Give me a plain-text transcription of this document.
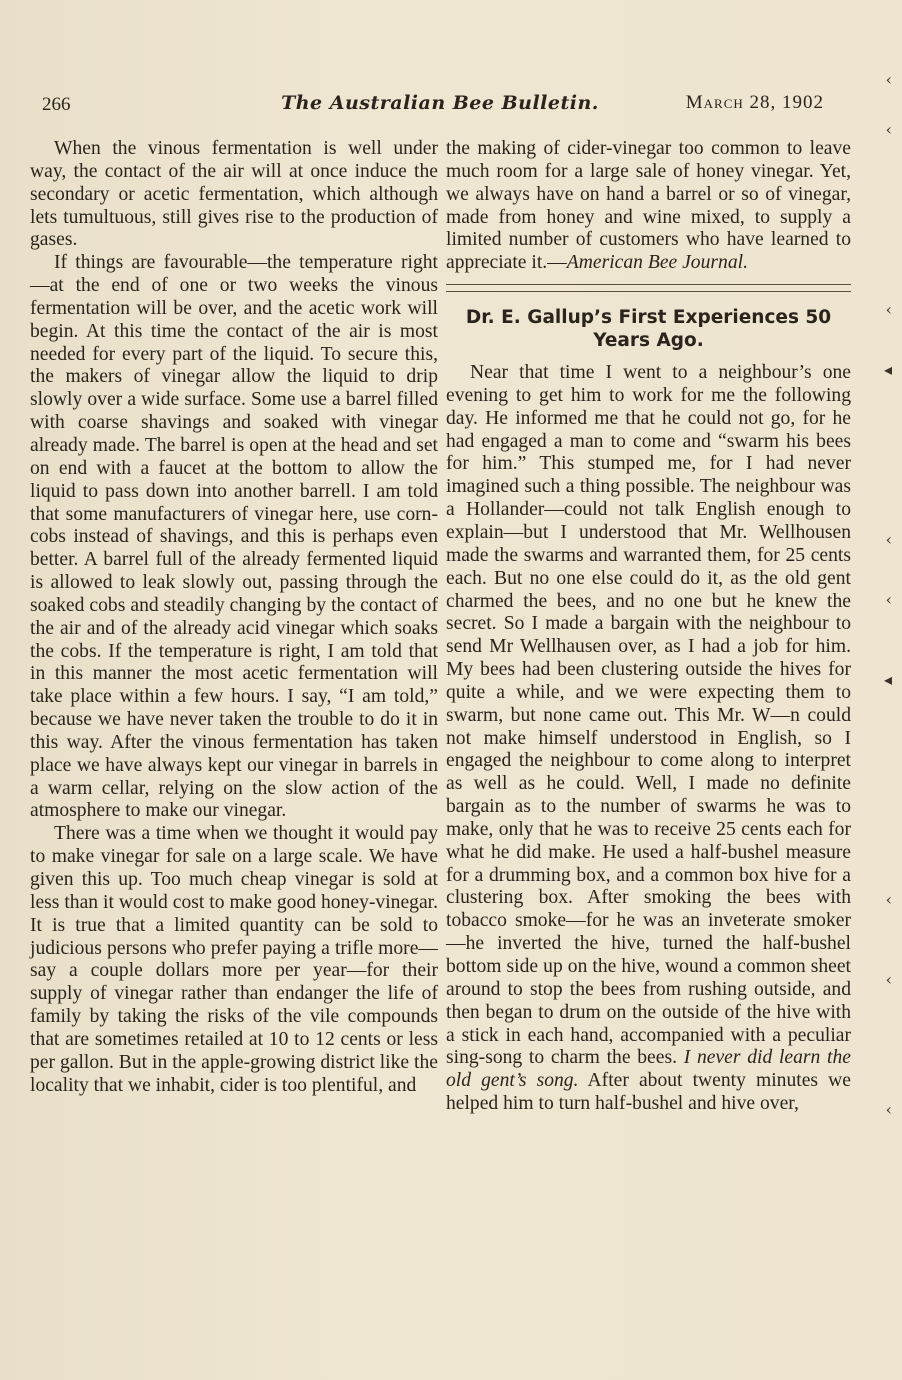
266	The Australian Bee Bulletin.	March 28, 1902

When the vinous fermentation is well under way, the contact of the air will at once induce the secondary or acetic fermentation, which although lets tumultuous, still gives rise to the production of gases.

If things are favourable—the temperature right—at the end of one or two weeks the vinous fermentation will be over, and the acetic work will begin. At this time the contact of the air is most needed for every part of the liquid. To secure this, the makers of vinegar allow the liquid to drip slowly over a wide surface. Some use a barrel filled with coarse shavings and soaked with vinegar already made. The barrel is open at the head and set on end with a faucet at the bottom to allow the liquid to pass down into another barrell. I am told that some manufacturers of vinegar here, use corn-cobs instead of shavings, and this is perhaps even better. A barrel full of the already fermented liquid is allowed to leak slowly out, passing through the soaked cobs and steadily changing by the contact of the air and of the already acid vinegar which soaks the cobs. If the temperature is right, I am told that in this manner the most acetic fermentation will take place within a few hours. I say, “I am told,” because we have never taken the trouble to do it in this way. After the vinous fermentation has taken place we have always kept our vinegar in barrels in a warm cellar, relying on the slow action of the atmosphere to make our vinegar.

There was a time when we thought it would pay to make vinegar for sale on a large scale. We have given this up. Too much cheap vinegar is sold at less than it would cost to make good honey-vinegar. It is true that a limited quantity can be sold to judicious persons who prefer paying a trifle more—say a couple dollars more per year—for their supply of vinegar rather than endanger the life of family by taking the risks of the vile compounds that are sometimes retailed at 10 to 12 cents or less per gallon. But in the apple-growing district like the locality that we inhabit, cider is too plentiful, and

the making of cider-vinegar too common to leave much room for a large sale of honey vinegar. Yet, we always have on hand a barrel or so of vinegar, made from honey and wine mixed, to supply a limited number of customers who have learned to appreciate it.—American Bee Journal.

Dr. E. Gallup’s First Experiences 50 Years Ago.

Near that time I went to a neighbour’s one evening to get him to work for me the following day. He informed me that he could not go, for he had engaged a man to come and “swarm his bees for him.” This stumped me, for I had never imagined such a thing possible. The neighbour was a Hollander—could not talk English enough to explain—but I understood that Mr. Wellhousen made the swarms and warranted them, for 25 cents each. But no one else could do it, as the old gent charmed the bees, and no one but he knew the secret. So I made a bargain with the neighbour to send Mr Wellhausen over, as I had a job for him. My bees had been clustering outside the hives for quite a while, and we were expecting them to swarm, but none came out. This Mr. W—n could not make himself understood in English, so I engaged the neighbour to come along to interpret as well as he could. Well, I made no definite bargain as to the number of swarms he was to make, only that he was to receive 25 cents each for what he did make. He used a half-bushel measure for a drumming box, and a common box hive for a clustering box. After smoking the bees with tobacco smoke—for he was an inveterate smoker—he inverted the hive, turned the half-bushel bottom side up on the hive, wound a common sheet around to stop the bees from rushing outside, and then began to drum on the outside of the hive with a stick in each hand, accompanied with a peculiar sing-song to charm the bees. I never did learn the old gent’s song. After about twenty minutes we helped him to turn half-bushel and hive over,

‹
‹
‹
◂
‹
‹
◂
‹
‹
‹
